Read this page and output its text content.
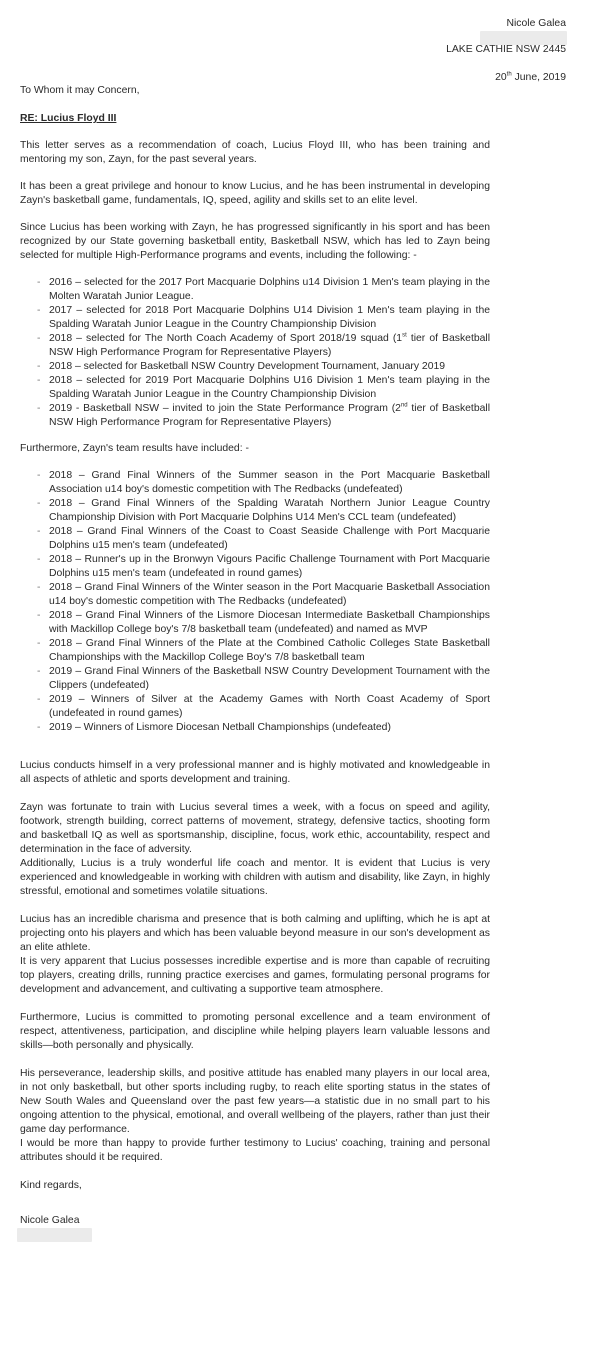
Nicole Galea
LAKE CATHIE NSW 2445
20th June, 2019
To Whom it may Concern,
RE: Lucius Floyd III
This letter serves as a recommendation of coach, Lucius Floyd III, who has been training and mentoring my son, Zayn, for the past several years.
It has been a great privilege and honour to know Lucius, and he has been instrumental in developing Zayn's basketball game, fundamentals, IQ, speed, agility and skills set to an elite level.
Since Lucius has been working with Zayn, he has progressed significantly in his sport and has been recognized by our State governing basketball entity, Basketball NSW, which has led to Zayn being selected for multiple High-Performance programs and events, including the following: -
- 2016 – selected for the 2017 Port Macquarie Dolphins u14 Division 1 Men's team playing in the Molten Waratah Junior League.
- 2017 – selected for 2018 Port Macquarie Dolphins U14 Division 1 Men's team playing in the Spalding Waratah Junior League in the Country Championship Division
- 2018 – selected for The North Coach Academy of Sport 2018/19 squad (1st tier of Basketball NSW High Performance Program for Representative Players)
- 2018 – selected for Basketball NSW Country Development Tournament, January 2019
- 2018 – selected for 2019 Port Macquarie Dolphins U16 Division 1 Men's team playing in the Spalding Waratah Junior League in the Country Championship Division
- 2019 - Basketball NSW – invited to join the State Performance Program (2nd tier of Basketball NSW High Performance Program for Representative Players)
Furthermore, Zayn's team results have included: -
- 2018 – Grand Final Winners of the Summer season in the Port Macquarie Basketball Association u14 boy's domestic competition with The Redbacks (undefeated)
- 2018 – Grand Final Winners of the Spalding Waratah Northern Junior League Country Championship Division with Port Macquarie Dolphins U14 Men's CCL team (undefeated)
- 2018 – Grand Final Winners of the Coast to Coast Seaside Challenge with Port Macquarie Dolphins u15 men's team (undefeated)
- 2018 – Runner's up in the Bronwyn Vigours Pacific Challenge Tournament with Port Macquarie Dolphins u15 men's team (undefeated in round games)
- 2018 – Grand Final Winners of the Winter season in the Port Macquarie Basketball Association u14 boy's domestic competition with The Redbacks (undefeated)
- 2018 – Grand Final Winners of the Lismore Diocesan Intermediate Basketball Championships with Mackillop College boy's 7/8 basketball team (undefeated) and named as MVP
- 2018 – Grand Final Winners of the Plate at the Combined Catholic Colleges State Basketball Championships with the Mackillop College Boy's 7/8 basketball team
- 2019 – Grand Final Winners of the Basketball NSW Country Development Tournament with the Clippers (undefeated)
- 2019 – Winners of Silver at the Academy Games with North Coast Academy of Sport (undefeated in round games)
- 2019 – Winners of Lismore Diocesan Netball Championships (undefeated)
Lucius conducts himself in a very professional manner and is highly motivated and knowledgeable in all aspects of athletic and sports development and training.
Zayn was fortunate to train with Lucius several times a week, with a focus on speed and agility, footwork, strength building, correct patterns of movement, strategy, defensive tactics, shooting form and basketball IQ as well as sportsmanship, discipline, focus, work ethic, accountability, respect and determination in the face of adversity.
Additionally, Lucius is a truly wonderful life coach and mentor. It is evident that Lucius is very experienced and knowledgeable in working with children with autism and disability, like Zayn, in highly stressful, emotional and sometimes volatile situations.
Lucius has an incredible charisma and presence that is both calming and uplifting, which he is apt at projecting onto his players and which has been valuable beyond measure in our son's development as an elite athlete.
It is very apparent that Lucius possesses incredible expertise and is more than capable of recruiting top players, creating drills, running practice exercises and games, formulating personal programs for development and advancement, and cultivating a supportive team atmosphere.
Furthermore, Lucius is committed to promoting personal excellence and a team environment of respect, attentiveness, participation, and discipline while helping players learn valuable lessons and skills—both personally and physically.
His perseverance, leadership skills, and positive attitude has enabled many players in our local area, in not only basketball, but other sports including rugby, to reach elite sporting status in the states of New South Wales and Queensland over the past few years—a statistic due in no small part to his ongoing attention to the physical, emotional, and overall wellbeing of the players, rather than just their game day performance.
I would be more than happy to provide further testimony to Lucius' coaching, training and personal attributes should it be required.
Kind regards,
Nicole Galea
